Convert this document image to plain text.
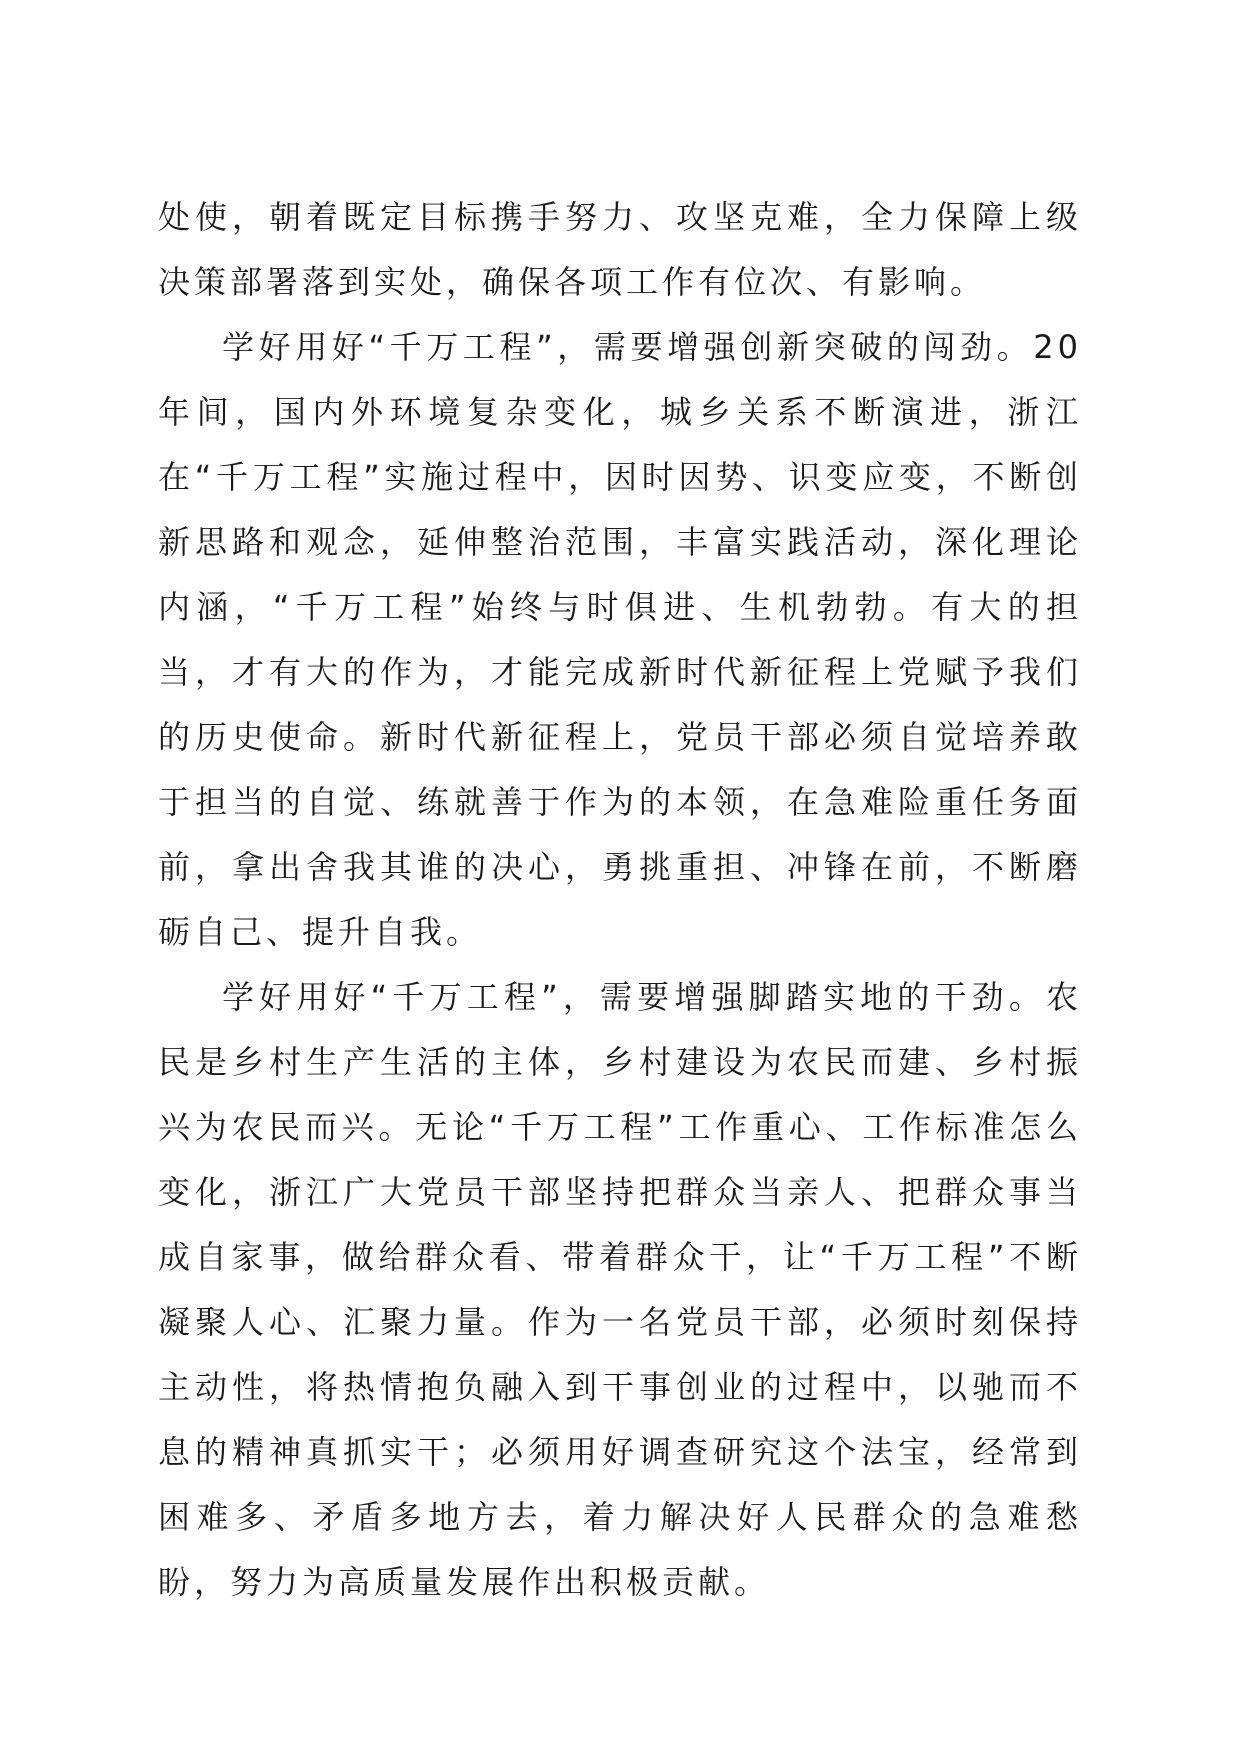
处使，朝着既定目标携手努力、攻坚克难，全力保障上级决策部署落到实处，确保各项工作有位次、有影响。

学好用好“千万工程”，需要增强创新突破的闯劲。20年间，国内外环境复杂变化，城乡关系不断演进，浙江在“千万工程”实施过程中，因时因势、识变应变，不断创新思路和观念，延伸整治范围，丰富实践活动，深化理论内涵，“千万工程”始终与时俱进、生机勃勃。有大的担当，才有大的作为，才能完成新时代新征程上党赋予我们的历史使命。新时代新征程上，党员干部必须自觉培养敢于担当的自觉、练就善于作为的本领，在急难险重任务面前，拿出舍我其谁的决心，勇挑重担、冲锋在前，不断磨砺自己、提升自我。

学好用好“千万工程”，需要增强脚踏实地的干劲。农民是乡村生产生活的主体，乡村建设为农民而建、乡村振兴为农民而兴。无论“千万工程”工作重心、工作标准怎么变化，浙江广大党员干部坚持把群众当亲人、把群众事当成自家事，做给群众看、带着群众干，让“千万工程”不断凝聚人心、汇聚力量。作为一名党员干部，必须时刻保持主动性，将热情抱负融入到干事创业的过程中，以驰而不息的精神真抓实干；必须用好调查研究这个法宝，经常到困难多、矛盾多地方去，着力解决好人民群众的急难愁盼，努力为高质量发展作出积极贡献。
